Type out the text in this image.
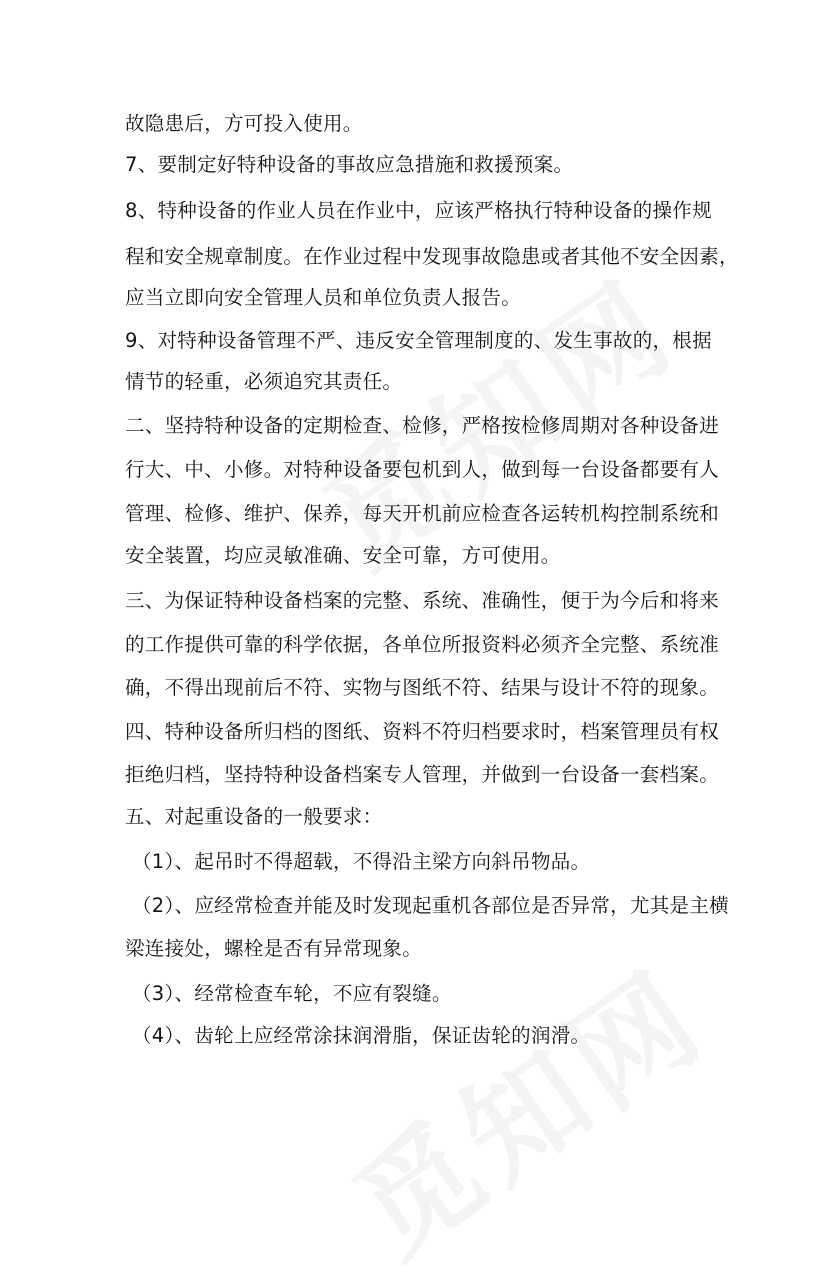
故隐患后，方可投入使用。
7、要制定好特种设备的事故应急措施和救援预案。
8、特种设备的作业人员在作业中，应该严格执行特种设备的操作规
程和安全规章制度。在作业过程中发现事故隐患或者其他不安全因素，
应当立即向安全管理人员和单位负责人报告。
9、对特种设备管理不严、违反安全管理制度的、发生事故的，根据
情节的轻重，必须追究其责任。
二、坚持特种设备的定期检查、检修，严格按检修周期对各种设备进
行大、中、小修。对特种设备要包机到人，做到每一台设备都要有人
管理、检修、维护、保养，每天开机前应检查各运转机构控制系统和
安全装置，均应灵敏准确、安全可靠，方可使用。
三、为保证特种设备档案的完整、系统、准确性，便于为今后和将来
的工作提供可靠的科学依据，各单位所报资料必须齐全完整、系统准
确，不得出现前后不符、实物与图纸不符、结果与设计不符的现象。
四、特种设备所归档的图纸、资料不符归档要求时，档案管理员有权
拒绝归档，坚持特种设备档案专人管理，并做到一台设备一套档案。
五、对起重设备的一般要求：
（1）、起吊时不得超载，不得沿主梁方向斜吊物品。
（2）、应经常检查并能及时发现起重机各部位是否异常，尤其是主横
梁连接处，螺栓是否有异常现象。
（3）、经常检查车轮，不应有裂缝。
（4）、齿轮上应经常涂抹润滑脂，保证齿轮的润滑。
